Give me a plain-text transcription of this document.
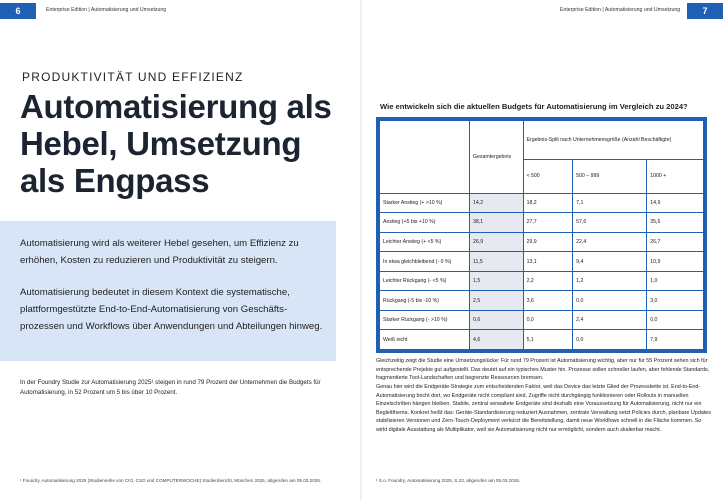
6	Enterprise Edition | Automatisierung und Umsetzung
PRODUKTIVITÄT UND EFFIZIENZ
Automatisierung als Hebel, Umsetzung als Engpass

Automatisierung wird als weiterer Hebel gesehen, um Effizienz zu erhöhen, Kosten zu reduzieren und Produktivität zu steigern.

Automatisierung bedeutet in diesem Kontext die systematische, plattformgestützte End-to-End-Automatisierung von Geschäfts-prozessen und Workflows über Anwendungen und Abteilungen hinweg.

In der Foundry Studie zur Automatisierung 2025¹ steigen in rund 79 Prozent der Unternehmen die Budgets für Automatisierung, in 52 Prozent um 5 bis über 10 Prozent.
¹ Foundry, Automatisierung 2025 (Studienreihe von CIO, CSO und COMPUTERWOCHE) Studienbericht, München 2025, abgerufen am 05.03.2026.
Enterprise Edition | Automatisierung und Umsetzung	7
Wie entwickeln sich die aktuellen Budgets für Automatisierung im Vergleich zu 2024?
	Gesamtergebnis	Ergebnis-Split nach Unternehmensgröße (Anzahl Beschäftigte)		
		< 500	500 – 999	1000 +
Starker Anstieg (+ >10 %)	14,2	18,2	7,1	14,9
Anstieg (+5 bis +10 %)	38,1	27,7	57,6	35,6
Leichter Anstieg (+ <5 %)	26,9	29,9	22,4	26,7
In etwa gleichbleibend (- 0 %)	11,5	13,1	9,4	10,9
Leichter Rückgang (- <5 %)	1,5	2,2	1,2	1,0
Rückgang (-5 bis -10 %)	2,5	3,6	0,0	3,0
Starker Rückgang (- >10 %)	0,6	0,0	2,4	0,0
Weiß nicht	4,6	5,1	0,0	7,9
Gleichzeitig zeigt die Studie eine Umsetzungslücke: Für rund 79 Prozent ist Automatisierung wichtig, aber nur für 55 Prozent sehen sich für entsprechende Projekte gut aufgestellt. Das deutet auf ein typisches Muster hin. Prozesse sollen schneller laufen, aber fehlende Standards, fragmentierte Tool-Landschaften und begrenzte Ressourcen bremsen.
Genau hier wird die Endgeräte-Strategie zum entscheidenden Faktor, weil das Device das letzte Glied der Prozesskette ist. End-to-End-Automatisierung bricht dort, wo Endgeräte nicht compliant sind, Zugriffe nicht durchgängig funktionieren oder Rollouts in manuellen Einzelschritten hängen bleiben. Stabile, zentral verwaltete Endgeräte sind deshalb eine Voraussetzung für Automatisierung, nicht nur ein Begleitthema. Konkret heißt das: Geräte-Standardisierung reduziert Ausnahmen, zentrale Verwaltung setzt Policies durch, planbare Updates stabilisieren Versionen und Zero-Touch-Deployment verkürzt die Bereitstellung, damit neue Workflows schnell in die Fläche kommen. So wirkt digitale Ausstattung als Multiplikator, weil sie Automatisierung nicht nur ermöglicht, sondern auch skalierbar macht.
¹ S.o. Foundry, Automatisierung 2025, S.23, abgerufen am 05.03.2026.
